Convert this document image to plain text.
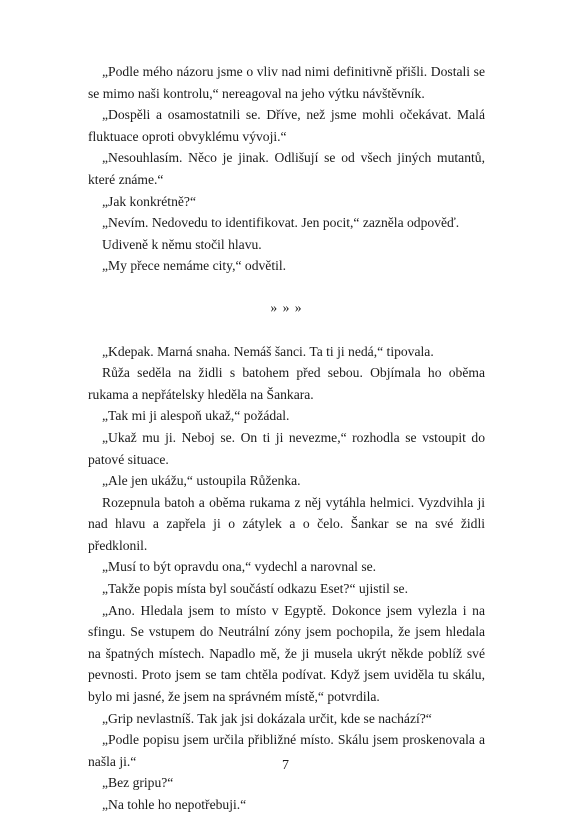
„Podle mého názoru jsme o vliv nad nimi definitivně přišli. Dostali se se mimo naši kontrolu,“ nereagoval na jeho výtku návštěvník.

„Dospěli a osamostatnili se. Dříve, než jsme mohli očekávat. Malá fluktuace oproti obvyklému vývoji.“

„Nesouhlasím. Něco je jinak. Odlišují se od všech jiných mutantů, které známe.“

„Jak konkrétně?“

„Nevím. Nedovedu to identifikovat. Jen pocit,“ zazněla odpověď.

Udiveně k němu stočil hlavu.

„My přece nemáme city,“ odvětil.

» » »

„Kdepak. Marná snaha. Nemáš šanci. Ta ti ji nedá,“ tipovala.

Růža seděla na židli s batohem před sebou. Objímala ho oběma rukama a nepřátelsky hleděla na Šankara.

„Tak mi ji alespoň ukaž,“ požádal.

„Ukaž mu ji. Neboj se. On ti ji nevezme,“ rozhodla se vstoupit do patové situace.

„Ale jen ukážu,“ ustoupila Růženka.

Rozepnula batoh a oběma rukama z něj vytáhla helmici. Vyzdvihla ji nad hlavu a zapřela ji o zátylek a o čelo. Šankar se na své židli předklonil.

„Musí to být opravdu ona,“ vydechl a narovnal se.

„Takže popis místa byl součástí odkazu Eset?“ ujistil se.

„Ano. Hledala jsem to místo v Egyptě. Dokonce jsem vylezla i na sfingu. Se vstupem do Neutrální zóny jsem pochopila, že jsem hledala na špatných místech. Napadlo mě, že ji musela ukrýt někde poblíž své pevnosti. Proto jsem se tam chtěla podívat. Když jsem uviděla tu skálu, bylo mi jasné, že jsem na správném místě,“ potvrdila.

„Grip nevlastníš. Tak jak jsi dokázala určit, kde se nachází?“

„Podle popisu jsem určila přibližné místo. Skálu jsem proskenovala a našla ji.“

„Bez gripu?“

„Na tohle ho nepotřebuji.“

7
